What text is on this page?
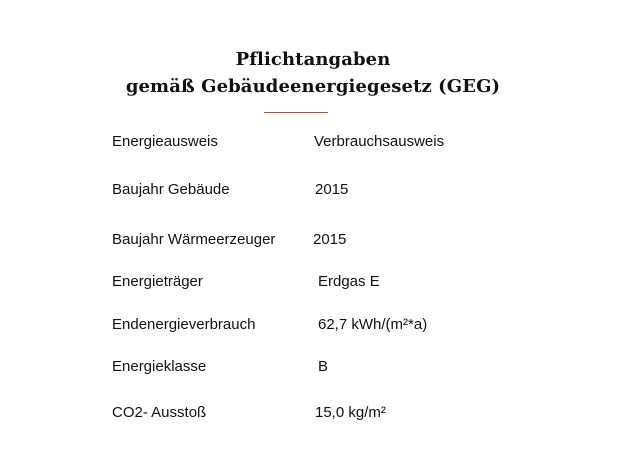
Pflichtangaben
gemäß Gebäudeenergiegesetz (GEG)
Energieausweis	Verbrauchsausweis
Baujahr Gebäude	2015
Baujahr Wärmeerzeuger	2015
Energieträger	Erdgas E
Endenergieverbrauch	62,7 kWh/(m²*a)
Energieklasse	B
CO2- Ausstoß	15,0 kg/m²
